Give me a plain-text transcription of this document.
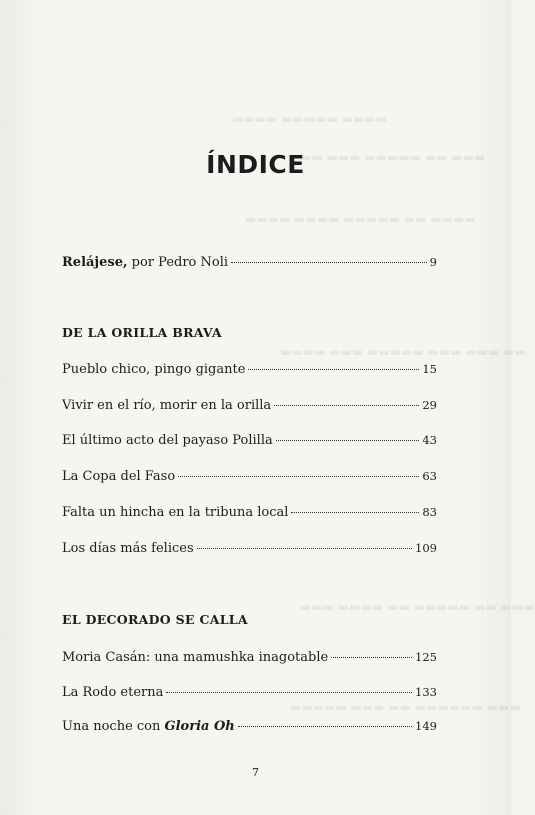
▬▬▬▬ ▬▬▬▬▬ ▬▬▬▬
▬▬ ▬▬▬ ▬▬▬▬▬ ▬▬ ▬▬▬
▬▬▬▬ ▬▬▬▬ ▬▬▬▬▬ ▬▬ ▬▬▬▬
▬▬▬▬ ▬▬▬ ▬▬▬▬▬ ▬▬▬ ▬▬▬ ▬▬
▬▬▬ ▬▬▬▬ ▬▬ ▬▬▬▬▬ ▬▬ ▬▬▬
▬▬▬▬▬ ▬▬▬ ▬▬ ▬▬▬▬▬▬ ▬▬▬
ÍNDICE
Relájese, por Pedro Noli	9
DE LA ORILLA BRAVA
Pueblo chico, pingo gigante	15
Vivir en el río, morir en la orilla	29
El último acto del payaso Polilla	43
La Copa del Faso	63
Falta un hincha en la tribuna local	83
Los días más felices	109
EL DECORADO SE CALLA
Moria Casán: una mamushka inagotable	125
La Rodo eterna	133
Una noche con Gloria Oh	149
7
